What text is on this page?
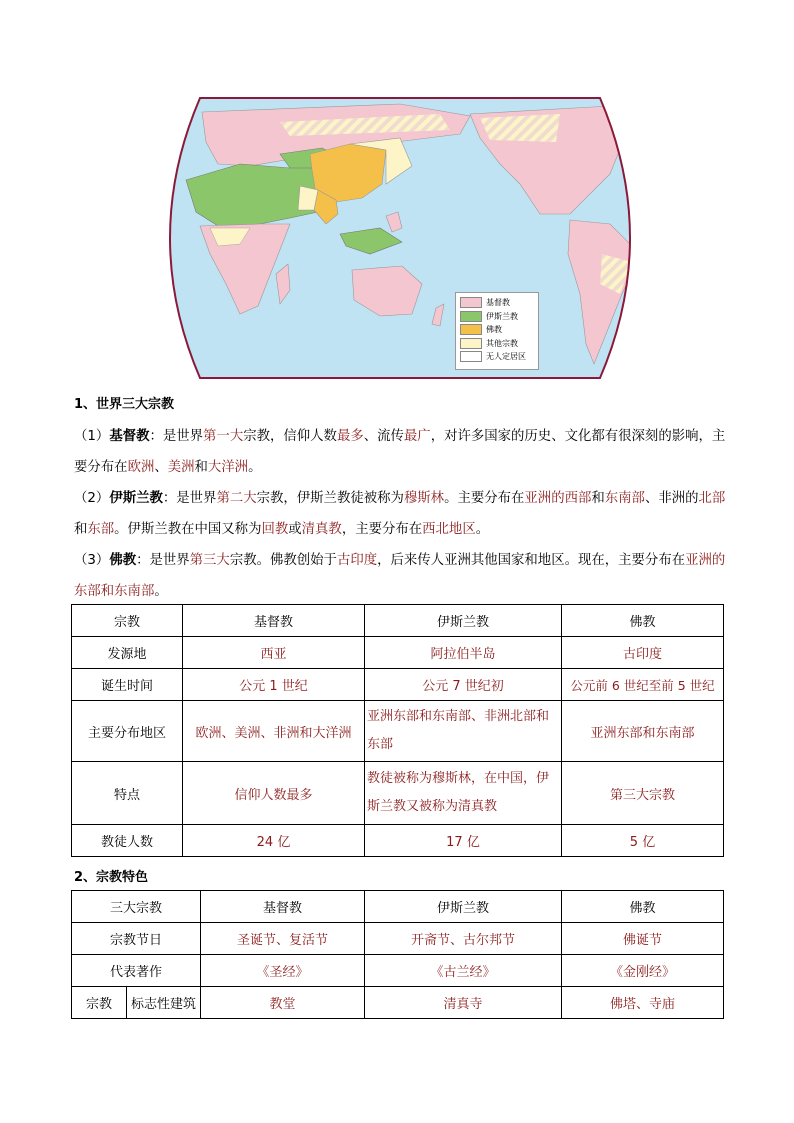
基督教
伊斯兰教
佛教
其他宗教
无人定居区
1、世界三大宗教

（1）基督教：是世界第一大宗教，信仰人数最多、流传最广，对许多国家的历史、文化都有很深刻的影响，主要分布在欧洲、美洲和大洋洲。

（2）伊斯兰教：是世界第二大宗教，伊斯兰教徒被称为穆斯林。主要分布在亚洲的西部和东南部、非洲的北部和东部。伊斯兰教在中国又称为回教或清真教，主要分布在西北地区。

（3）佛教：是世界第三大宗教。佛教创始于古印度，后来传人亚洲其他国家和地区。现在，主要分布在亚洲的东部和东南部。

宗教	基督教	伊斯兰教	佛教
发源地	西亚	阿拉伯半岛	古印度
诞生时间	公元 1 世纪	公元 7 世纪初	公元前 6 世纪至前 5 世纪
主要分布地区	欧洲、美洲、非洲和大洋洲	亚洲东部和东南部、非洲北部和东部	亚洲东部和东南部
特点	信仰人数最多	教徒被称为穆斯林，在中国，伊斯兰教又被称为清真教	第三大宗教
教徒人数	24 亿	17 亿	5 亿
2、宗教特色
三大宗教		基督教	伊斯兰教	佛教
宗教节日		圣诞节、复活节	开斋节、古尔邦节	佛诞节
代表著作		《圣经》	《古兰经》	《金刚经》
宗教	标志性建筑	教堂	清真寺	佛塔、寺庙
